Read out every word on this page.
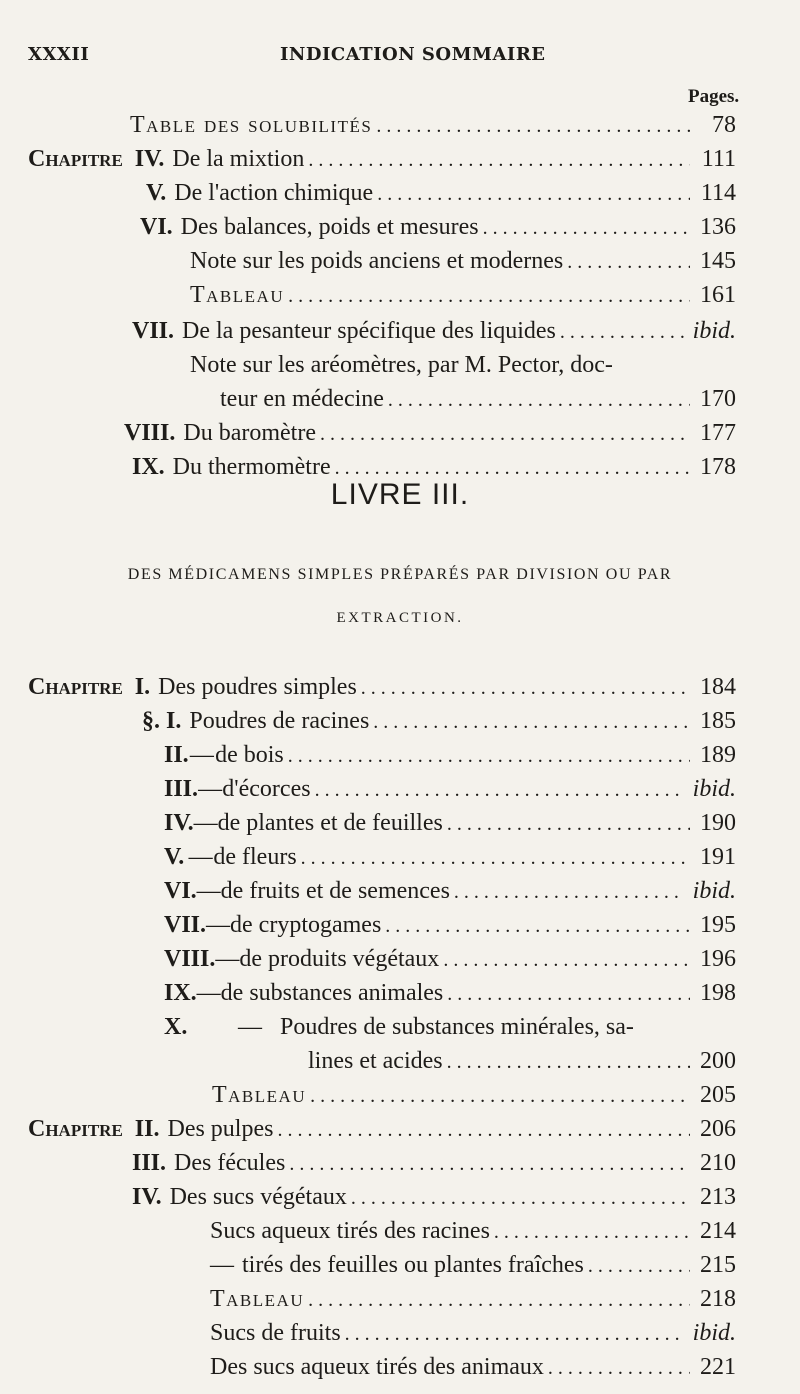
XXXII	INDICATION SOMMAIRE
Pages.
Table des solubilités . . .	78
Chapitre IV. De la mixtion . . .	111
V. De l'action chimique . . .	114
VI. Des balances, poids et mesures . . .	136
Note sur les poids anciens et modernes . . .	145
Tableau . . .	161
VII. De la pesanteur spécifique des liquides . . .	ibid.
Note sur les aréomètres, par M. Pector, doc-
teur en médecine . . .	170
VIII. Du baromètre . . .	177
IX. Du thermomètre . . .	178
LIVRE III.
DES MÉDICAMENS SIMPLES PRÉPARÉS PAR DIVISION OU PAR
EXTRACTION.
Chapitre I. Des poudres simples . . .	184
§. I. Poudres de racines . . .	185
II. — de bois . . .	189
III. — d'écorces . . .	ibid.
IV. — de plantes et de feuilles . . .	190
V. — de fleurs . . .	191
VI. — de fruits et de semences . . .	ibid.
VII. — de cryptogames . . .	195
VIII. — de produits végétaux . . .	196
IX. — de substances animales . . .	198
X.	— Poudres de substances minérales, sa-
lines et acides . . .	200
Tableau . . .	205
Chapitre II. Des pulpes . . .	206
III. Des fécules . . .	210
IV. Des sucs végétaux . . .	213
Sucs aqueux tirés des racines . . .	214
— tirés des feuilles ou plantes fraîches . . .	215
Tableau . . .	218
Sucs de fruits . . .	ibid.
Des sucs aqueux tirés des animaux . . .	221
